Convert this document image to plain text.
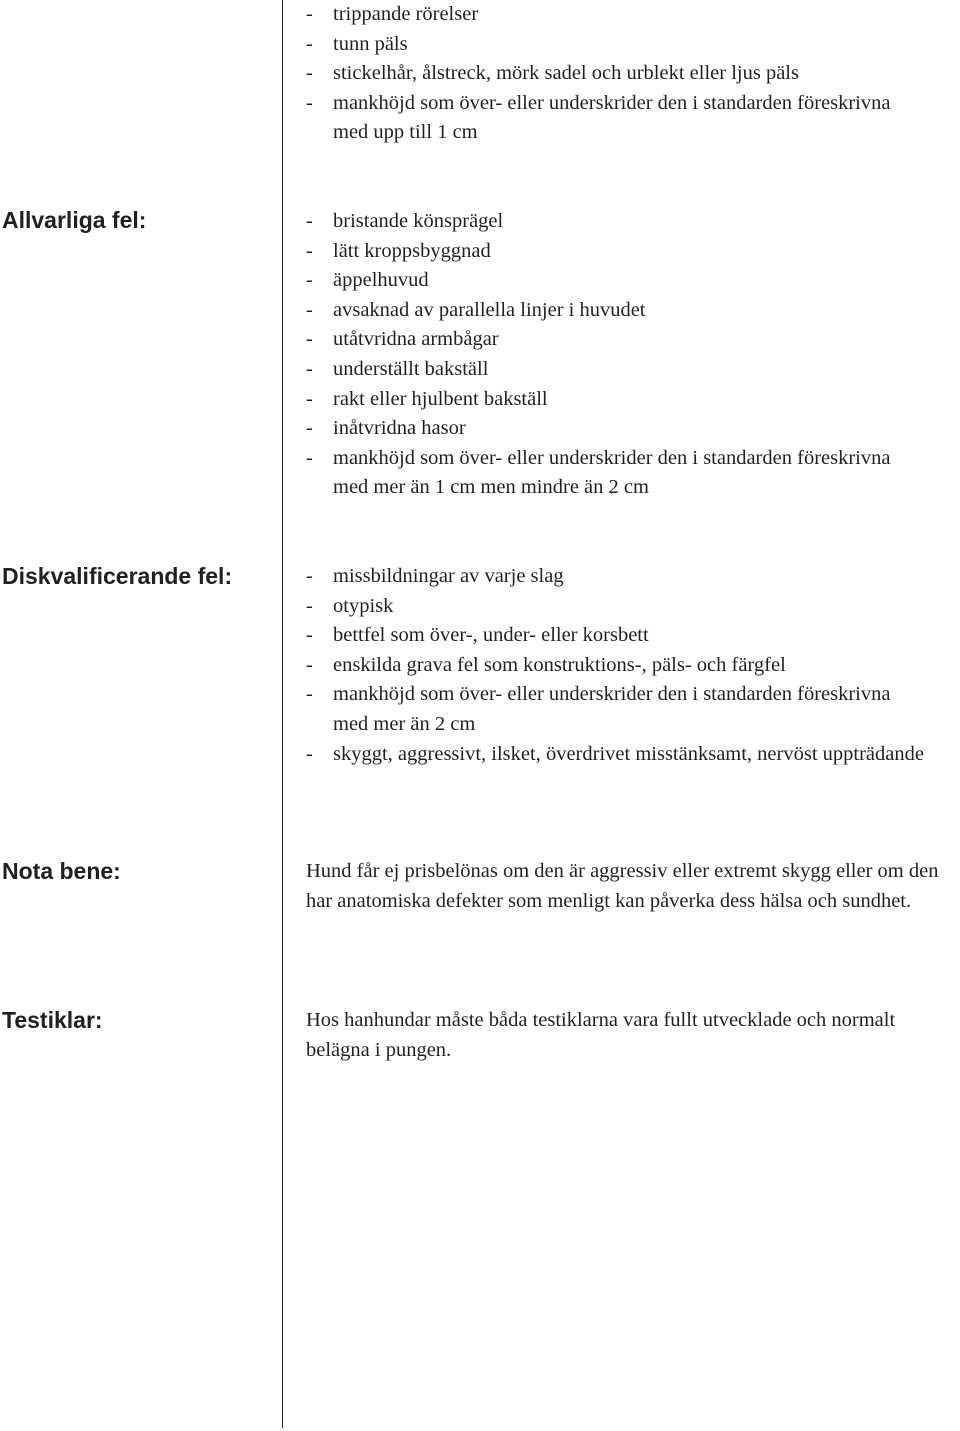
- trippande rörelser
- tunn päls
- stickelhår, ålstreck, mörk sadel och urblekt eller ljus päls
- mankhöjd som över- eller underskrider den i standarden föreskrivna med upp till 1 cm
Allvarliga fel:	- bristande könsprägel
- lätt kroppsbyggnad
- äppelhuvud
- avsaknad av parallella linjer i huvudet
- utåtvridna armbågar
- underställt bakställ
- rakt eller hjulbent bakställ
- inåtvridna hasor
- mankhöjd som över- eller underskrider den i standarden föreskrivna med mer än 1 cm men mindre än 2 cm
Diskvalificerande fel:	- missbildningar av varje slag
- otypisk
- bettfel som över-, under- eller korsbett
- enskilda grava fel som konstruktions-, päls- och färgfel
- mankhöjd som över- eller underskrider den i standarden föreskrivna med mer än 2 cm
- skyggt, aggressivt, ilsket, överdrivet misstänksamt, nervöst uppträdande
Nota bene:	Hund får ej prisbelönas om den är aggressiv eller extremt skygg eller om den har anatomiska defekter som menligt kan påverka dess hälsa och sundhet.

Testiklar:	Hos hanhundar måste båda testiklarna vara fullt utvecklade och normalt belägna i pungen.
